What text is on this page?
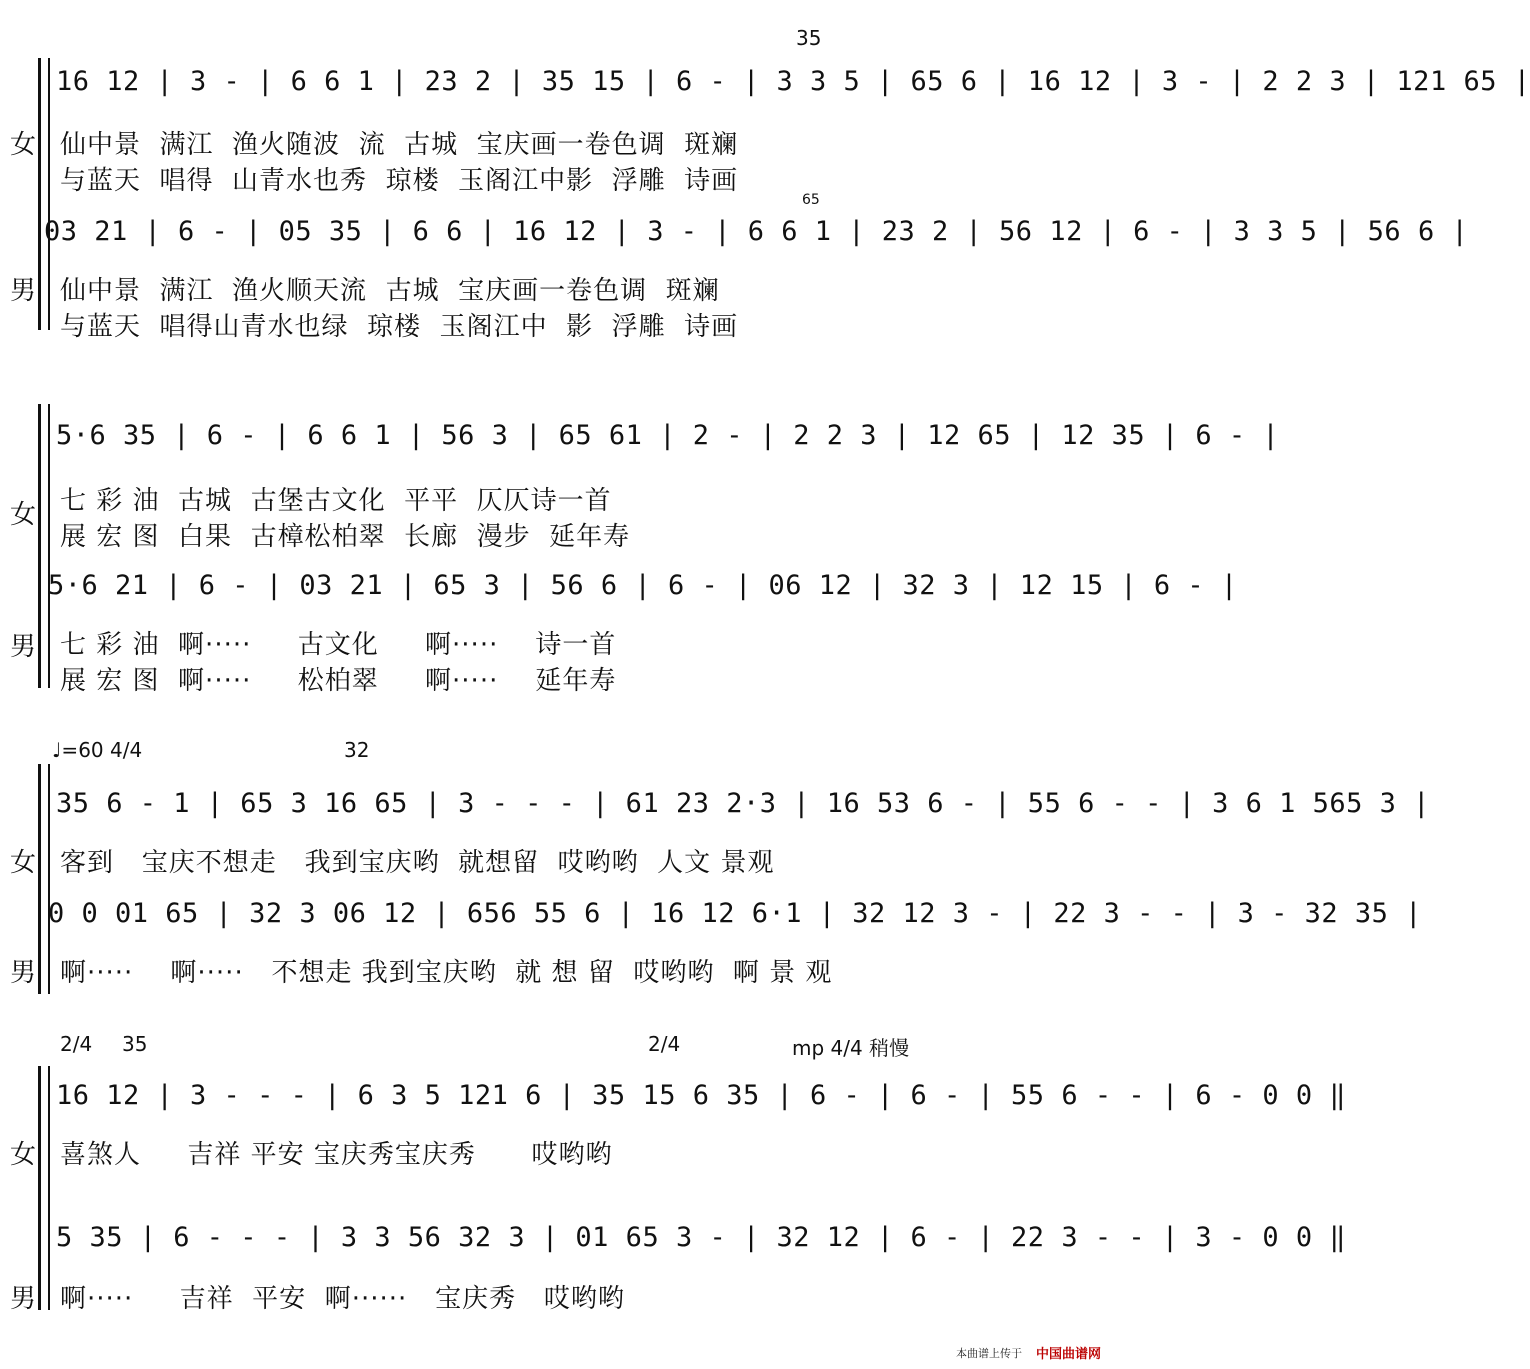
35
16 12 | 3 - | 6 6 1 | 23 2 | 35 15 | 6 - | 3 3 5 | 65 6 | 16 12 | 3 - | 2 2 3 | 121 65 |
女 仙中景  满江  渔火随波  流  古城  宝庆画一卷色调  斑斓
与蓝天  唱得  山青水也秀  琼楼  玉阁江中影  浮雕  诗画
65
03 21 | 6 - | 05 35 | 6 6 | 16 12 | 3 - | 6 6 1 | 23 2 | 56 12 | 6 - | 3 3 5 | 56 6 |
男 仙中景  满江  渔火顺天流  古城  宝庆画一卷色调  斑斓
与蓝天  唱得山青水也绿  琼楼  玉阁江中  影  浮雕  诗画
5·6 35 | 6 - | 6 6 1 | 56 3 | 65 61 | 2 - | 2 2 3 | 12 65 | 12 35 | 6 - |
女 七 彩 油  古城  古堡古文化  平平  仄仄诗一首
展 宏 图  白果  古樟松柏翠  长廊  漫步  延年寿
5·6 21 | 6 - | 03 21 | 65 3 | 56 6 | 6 - | 06 12 | 32 3 | 12 15 | 6 - |
男 七 彩 油  啊·····     古文化     啊·····    诗一首
展 宏 图  啊·····     松柏翠     啊·····    延年寿
♩=60 4/4	32
35 6 - 1 | 65 3 16 65 | 3 - - - | 61 23 2·3 | 16 53 6 - | 55 6 - - | 3 6 1 565 3 |
女 客到   宝庆不想走   我到宝庆哟  就想留  哎哟哟  人文 景观
0 0 01 65 | 32 3 06 12 | 656 55 6 | 16 12 6·1 | 32 12 3 - | 22 3 - - | 3 - 32 35 |
男 啊·····    啊·····   不想走 我到宝庆哟  就 想 留  哎哟哟  啊 景 观
2/4 35	2/4	mp 4/4 稍慢
16 12 | 3 - - - | 6 3 5 121 6 | 35 15 6 35 | 6 - | 6 - | 55 6 - - | 6 - 0 0 ‖
女 喜煞人     吉祥 平安 宝庆秀宝庆秀      哎哟哟
5 35 | 6 - - - | 3 3 56 32 3 | 01 65 3 - | 32 12 | 6 - | 22 3 - - | 3 - 0 0 ‖
男 啊·····     吉祥  平安  啊······   宝庆秀   哎哟哟
本曲谱上传于 中国曲谱网
